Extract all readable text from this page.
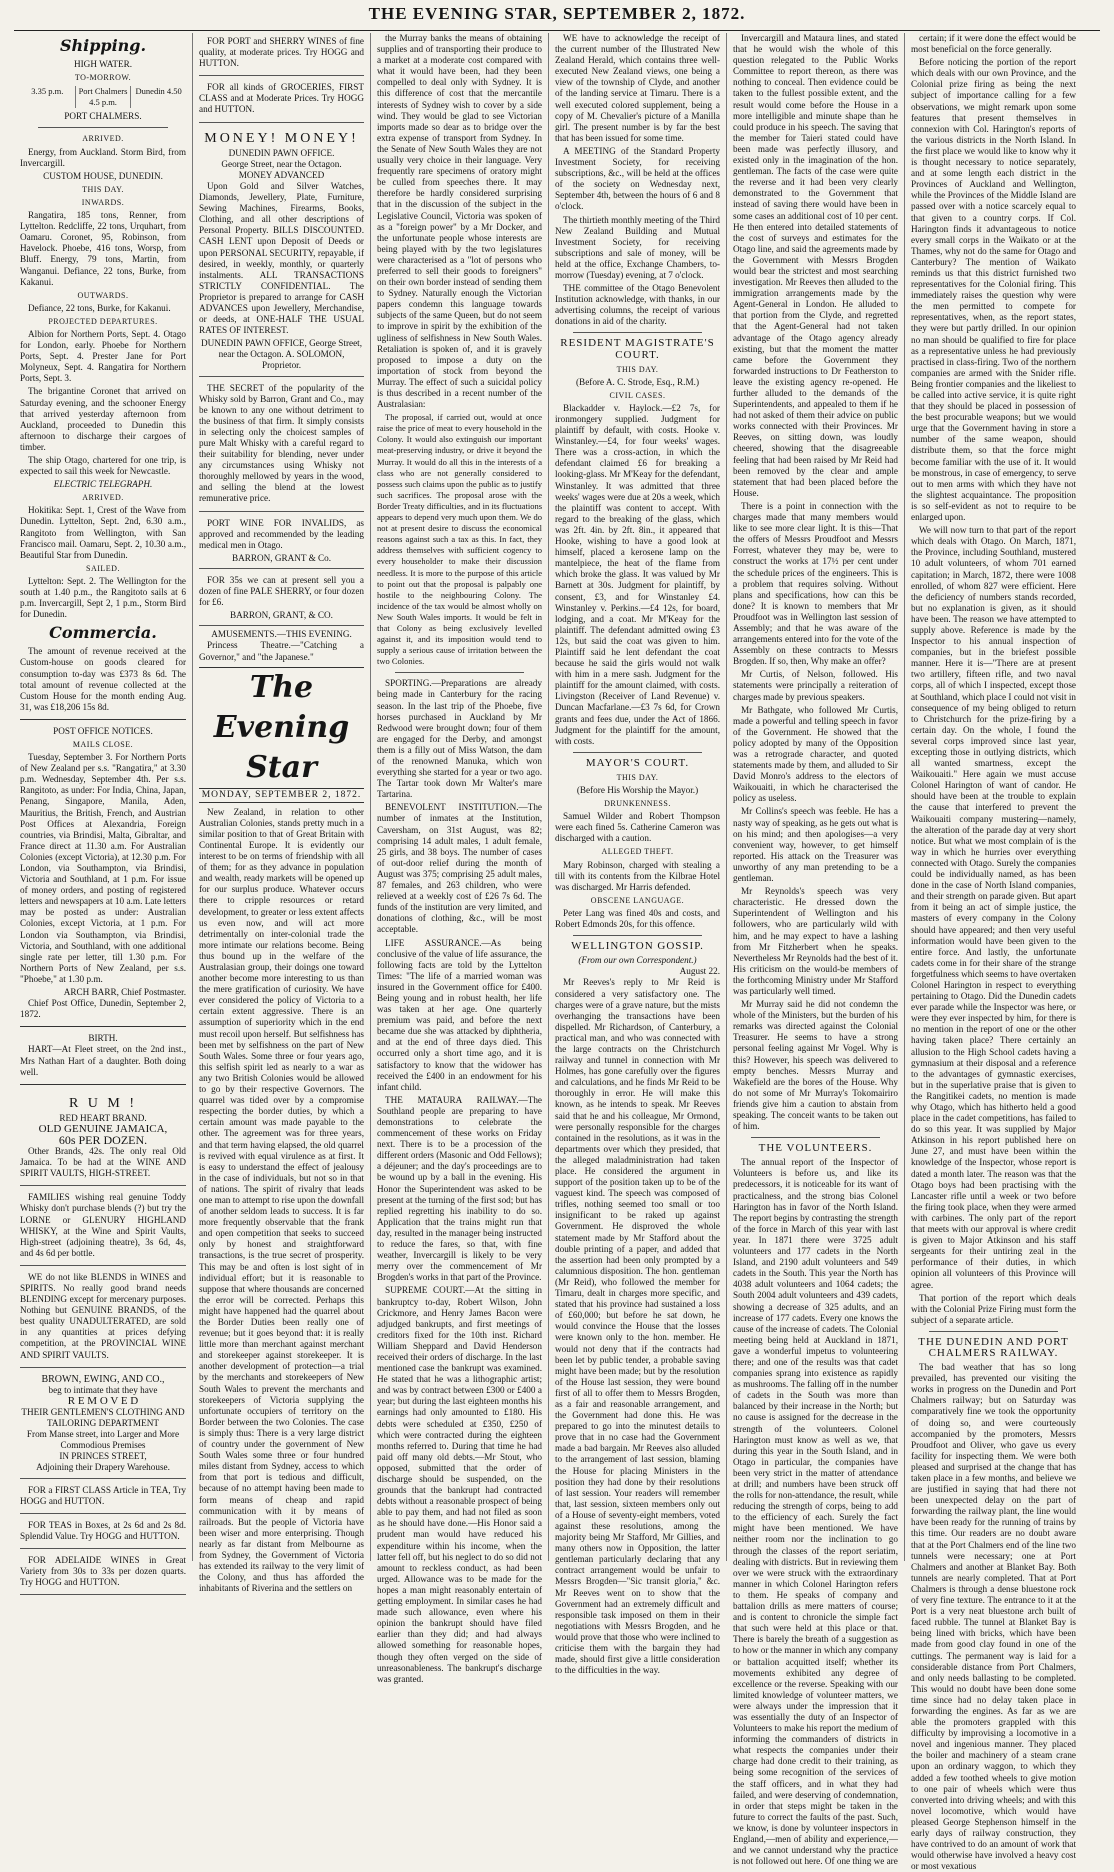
THE EVENING STAR, SEPTEMBER 2, 1872.
Shipping.
HIGH WATER.
TO-MORROW.
3.35 p.m.	Port Chalmers 4.5 p.m.
Dunedin 4.50
PORT CHALMERS.
ARRIVED.

Energy, from Auckland. Storm Bird, from Invercargill.

CUSTOM HOUSE, DUNEDIN.
THIS DAY.
INWARDS.

Rangatira, 185 tons, Renner, from Lyttelton. Redcliffe, 22 tons, Urquhart, from Oamaru. Coronet, 95, Robinson, from Havelock. Phoebe, 416 tons, Worsp, from Bluff. Energy, 79 tons, Martin, from Wanganui. Defiance, 22 tons, Burke, from Kakanui.

OUTWARDS.

Defiance, 22 tons, Burke, for Kakanui.

PROJECTED DEPARTURES.

Albion for Northern Ports, Sept. 4. Otago for London, early. Phoebe for Northern Ports, Sept. 4. Prester Jane for Port Molyneux, Sept. 4. Rangatira for Northern Ports, Sept. 3.

The brigantine Coronet that arrived on Saturday evening, and the schooner Energy that arrived yesterday afternoon from Auckland, proceeded to Dunedin this afternoon to discharge their cargoes of timber.

The ship Otago, chartered for one trip, is expected to sail this week for Newcastle.

ELECTRIC TELEGRAPH.
ARRIVED.

Hokitika: Sept. 1, Crest of the Wave from Dunedin. Lyttelton, Sept. 2nd, 6.30 a.m., Rangitoto from Wellington, with San Francisco mail. Oamaru, Sept. 2, 10.30 a.m., Beautiful Star from Dunedin.

SAILED.

Lyttelton: Sept. 2. The Wellington for the south at 1.40 p.m., the Rangitoto sails at 6 p.m. Invercargill, Sept 2, 1 p.m., Storm Bird for Dunedin.

Commercia.

The amount of revenue received at the Custom-house on goods cleared for consumption to-day was £373 8s 6d. The total amount of revenue collected at the Custom House for the month ending Aug. 31, was £18,206 15s 8d.

POST OFFICE NOTICES.
MAILS CLOSE.

Tuesday, September 3. For Northern Ports of New Zealand per s.s. "Rangatira," at 3.30 p.m. Wednesday, September 4th. Per s.s. Rangitoto, as under: For India, China, Japan, Penang, Singapore, Manila, Aden, Mauritius, the British, French, and Austrian Post Offices at Alexandria, Foreign countries, via Brindisi, Malta, Gibraltar, and France direct at 11.30 a.m. For Australian Colonies (except Victoria), at 12.30 p.m. For London, via Southampton, via Brindisi, Victoria and Southland, at 1 p.m. For issue of money orders, and posting of registered letters and newspapers at 10 a.m. Late letters may be posted as under: Australian Colonies, except Victoria, at 1 p.m. For London via Southampton, via Brindisi, Victoria, and Southland, with one additional single rate per letter, till 1.30 p.m. For Northern Ports of New Zealand, per s.s. "Phoebe," at 1.30 p.m.

ARCH BARR, Chief Postmaster.

Chief Post Office, Dunedin, September 2, 1872.

BIRTH.

HART—At Fleet street, on the 2nd inst., Mrs Nathan Hart of a daughter. Both doing well.

R U M !
RED HEART BRAND.
OLD GENUINE JAMAICA,
60s PER DOZEN.

Other Brands, 42s. The only real Old Jamaica. To be had at the WINE AND SPIRIT VAULTS, HIGH-STREET.

FAMILIES wishing real genuine Toddy Whisky don't purchase blends (?) but try the LORNE or GLENURY HIGHLAND WHISKY, at the Wine and Spirit Vaults, High-street (adjoining theatre), 3s 6d, 4s, and 4s 6d per bottle.

WE do not like BLENDS in WINES and SPIRITS. No really good brand needs BLENDING except for mercenary purposes. Nothing but GENUINE BRANDS, of the best quality UNADULTERATED, are sold in any quantities at prices defying competition, at the PROVINCIAL WINE AND SPIRIT VAULTS.

BROWN, EWING, AND CO.,
beg to intimate that they have
R E M O V E D
THEIR GENTLEMEN'S CLOTHING AND
TAILORING DEPARTMENT
From Manse street, into Larger and More
Commodious Premises
IN PRINCES STREET,
Adjoining their Drapery Warehouse.

FOR a FIRST CLASS Article in TEA, Try HOGG and HUTTON.

FOR TEAS in Boxes, at 2s 6d and 2s 8d. Splendid Value. Try HOGG and HUTTON.

FOR ADELAIDE WINES in Great Variety from 30s to 33s per dozen quarts. Try HOGG and HUTTON.

FOR PORT and SHERRY WINES of fine quality, at moderate prices. Try HOGG and HUTTON.

FOR all kinds of GROCERIES, FIRST CLASS and at Moderate Prices. Try HOGG and HUTTON.

MONEY! MONEY!
DUNEDIN PAWN OFFICE.
George Street, near the Octagon.
MONEY ADVANCED

Upon Gold and Silver Watches, Diamonds, Jewellery, Plate, Furniture, Sewing Machines, Firearms, Books, Clothing, and all other descriptions of Personal Property. BILLS DISCOUNTED. CASH LENT upon Deposit of Deeds or upon PERSONAL SECURITY, repayable, if desired, in weekly, monthly, or quarterly instalments. ALL TRANSACTIONS STRICTLY CONFIDENTIAL. The Proprietor is prepared to arrange for CASH ADVANCES upon Jewellery, Merchandise, or deeds, at ONE-HALF THE USUAL RATES OF INTEREST.

DUNEDIN PAWN OFFICE, George Street, near the Octagon. A. SOLOMON, Proprietor.

THE SECRET of the popularity of the Whisky sold by Barron, Grant and Co., may be known to any one without detriment to the business of that firm. It simply consists in selecting only the choicest samples of pure Malt Whisky with a careful regard to their suitability for blending, never under any circumstances using Whisky not thoroughly mellowed by years in the wood, and selling the blend at the lowest remunerative price.

PORT WINE FOR INVALIDS, as approved and recommended by the leading medical men in Otago.

BARRON, GRANT & Co.

FOR 35s we can at present sell you a dozen of fine PALE SHERRY, or four dozen for £6.

BARRON, GRANT, & CO.
AMUSEMENTS.—THIS EVENING.

Princess Theatre.—"Catching a Governor," and "the Japanese."

The Evening Star
MONDAY, SEPTEMBER 2, 1872.

New Zealand, in relation to other Australian Colonies, stands pretty much in a similar position to that of Great Britain with Continental Europe. It is evidently our interest to be on terms of friendship with all of them; for as they advance in population and wealth, ready markets will be opened up for our surplus produce. Whatever occurs there to cripple resources or retard development, to greater or less extent affects us even now, and will act more detrimentally on inter-colonial trade the more intimate our relations become. Being thus bound up in the welfare of the Australasian group, their doings one toward another become more interesting to us than the mere gratification of curiosity. We have ever considered the policy of Victoria to a certain extent aggressive. There is an assumption of superiority which in the end must recoil upon herself. But selfishness has been met by selfishness on the part of New South Wales. Some three or four years ago, this selfish spirit led as nearly to a war as any two British Colonies would be allowed to go by their respective Governors. The quarrel was tided over by a compromise respecting the border duties, by which a certain amount was made payable to the other. The agreement was for three years, and that term having elapsed, the old quarrel is revived with equal virulence as at first. It is easy to understand the effect of jealousy in the case of individuals, but not so in that of nations. The spirit of rivalry that leads one man to attempt to rise upon the downfall of another seldom leads to success. It is far more frequently observable that the frank and open competition that seeks to succeed only by honest and straightforward transactions, is the true secret of prosperity. This may be and often is lost sight of in individual effort; but it is reasonable to suppose that where thousands are concerned the error will be corrected. Perhaps this might have happened had the quarrel about the Border Duties been really one of revenue; but it goes beyond that: it is really little more than merchant against merchant and storekeeper against storekeeper. It is another development of protection—a trial by the merchants and storekeepers of New South Wales to prevent the merchants and storekeepers of Victoria supplying the unfortunate occupiers of territory on the Border between the two Colonies. The case is simply thus: There is a very large district of country under the government of New South Wales some three or four hundred miles distant from Sydney, access to which from that port is tedious and difficult, because of no attempt having been made to form means of cheap and rapid communication with it by means of railroads. But the people of Victoria have been wiser and more enterprising. Though nearly as far distant from Melbourne as from Sydney, the Government of Victoria has extended its railway to the very limit of the Colony, and thus has afforded the inhabitants of Riverina and the settlers on

the Murray banks the means of obtaining supplies and of transporting their produce to a market at a moderate cost compared with what it would have been, had they been compelled to deal only with Sydney. It is this difference of cost that the mercantile interests of Sydney wish to cover by a side wind. They would be glad to see Victorian imports made so dear as to bridge over the extra expense of transport from Sydney. In the Senate of New South Wales they are not usually very choice in their language. Very frequently rare specimens of oratory might be culled from speeches there. It may therefore be hardly considered surprising that in the discussion of the subject in the Legislative Council, Victoria was spoken of as a "foreign power" by a Mr Docker, and the unfortunate people whose interests are being played with by the two legislatures were characterised as a "lot of persons who preferred to sell their goods to foreigners" on their own border instead of sending them to Sydney. Naturally enough the Victorian papers condemn this language towards subjects of the same Queen, but do not seem to improve in spirit by the exhibition of the ugliness of selfishness in New South Wales. Retaliation is spoken of, and it is gravely proposed to impose a duty on the importation of stock from beyond the Murray. The effect of such a suicidal policy is thus described in a recent number of the Australasian:

The proposal, if carried out, would at once raise the price of meat to every household in the Colony. It would also extinguish our important meat-preserving industry, or drive it beyond the Murray. It would do all this in the interests of a class who are not generally considered to possess such claims upon the public as to justify such sacrifices. The proposal arose with the Border Treaty difficulties, and in its fluctuations appears to depend very much upon them. We do not at present desire to discuss the economical reasons against such a tax as this. In fact, they address themselves with sufficient cogency to every householder to make their discussion needless. It is more to the purpose of this article to point out that the proposal is palpably one hostile to the neighbouring Colony. The incidence of the tax would be almost wholly on New South Wales imports. It would be felt in that Colony as being exclusively levelled against it, and its imposition would tend to supply a serious cause of irritation between the two Colonies.

SPORTING.—Preparations are already being made in Canterbury for the racing season. In the last trip of the Phoebe, five horses purchased in Auckland by Mr Redwood were brought down; four of them are engaged for the Derby, and amongst them is a filly out of Miss Watson, the dam of the renowned Manuka, which won everything she started for a year or two ago. The Tartar took down Mr Walter's mare Tartarina.

BENEVOLENT INSTITUTION.—The number of inmates at the Institution, Caversham, on 31st August, was 82; comprising 14 adult males, 1 adult female, 25 girls, and 38 boys. The number of cases of out-door relief during the month of August was 375; comprising 25 adult males, 87 females, and 263 children, who were relieved at a weekly cost of £26 7s 6d. The funds of the institution are very limited, and donations of clothing, &c., will be most acceptable.

LIFE ASSURANCE.—As being conclusive of the value of life assurance, the following facts are told by the Lyttelton Times: "The life of a married woman was insured in the Government office for £400. Being young and in robust health, her life was taken at her age. One quarterly premium was paid, and before the next became due she was attacked by diphtheria, and at the end of three days died. This occurred only a short time ago, and it is satisfactory to know that the widower has received the £400 in an endowment for his infant child.

THE MATAURA RAILWAY.—The Southland people are preparing to have demonstrations to celebrate the commencement of these works on Friday next. There is to be a procession of the different orders (Masonic and Odd Fellows); a déjeuner; and the day's proceedings are to be wound up by a ball in the evening. His Honor the Superintendent was asked to be present at the turning of the first sod; but has replied regretting his inability to do so. Application that the trains might run that day, resulted in the manager being instructed to reduce the fares, so that, with fine weather, Invercargill is likely to be very merry over the commencement of Mr Brogden's works in that part of the Province.

SUPREME COURT.—At the sitting in bankruptcy to-day, Robert Wilson, John Crickmore, and Henry James Bacon were adjudged bankrupts, and first meetings of creditors fixed for the 10th inst. Richard William Sheppard and David Henderson received their orders of discharge. In the last mentioned case the bankrupt was examined. He stated that he was a lithographic artist; and was by contract between £300 or £400 a year; but during the last eighteen months his earnings had only amounted to £180. His debts were scheduled at £350, £250 of which were contracted during the eighteen months referred to. During that time he had paid off many old debts.—Mr Stout, who opposed, submitted that the order of discharge should be suspended, on the grounds that the bankrupt had contracted debts without a reasonable prospect of being able to pay them, and had not filed as soon as he should have done.—His Honor said a prudent man would have reduced his expenditure within his income, when the latter fell off, but his neglect to do so did not amount to reckless conduct, as had been urged. Allowance was to be made for the hopes a man might reasonably entertain of getting employment. In similar cases he had made such allowance, even where his opinion the bankrupt should have filed earlier than they did; and had always allowed something for reasonable hopes, though they often verged on the side of unreasonableness. The bankrupt's discharge was granted.

WE have to acknowledge the receipt of the current number of the Illustrated New Zealand Herald, which contains three well-executed New Zealand views, one being a view of the township of Clyde, and another of the landing service at Timaru. There is a well executed colored supplement, being a copy of M. Chevalier's picture of a Manilla girl. The present number is by far the best that has been issued for some time.

A MEETING of the Standard Property Investment Society, for receiving subscriptions, &c., will be held at the offices of the society on Wednesday next, September 4th, between the hours of 6 and 8 o'clock.

The thirtieth monthly meeting of the Third New Zealand Building and Mutual Investment Society, for receiving subscriptions and sale of money, will be held at the office, Exchange Chambers, to-morrow (Tuesday) evening, at 7 o'clock.

THE committee of the Otago Benevolent Institution acknowledge, with thanks, in our advertising columns, the receipt of various donations in aid of the charity.

RESIDENT MAGISTRATE'S COURT.
THIS DAY.
(Before A. C. Strode, Esq., R.M.)
CIVIL CASES.

Blackadder v. Haylock.—£2 7s, for ironmongery supplied. Judgment for plaintiff by default, with costs. Hooke v. Winstanley.—£4, for four weeks' wages. There was a cross-action, in which the defendant claimed £6 for breaking a looking-glass. Mr M'Keay for the defendant, Winstanley. It was admitted that three weeks' wages were due at 20s a week, which the plaintiff was content to accept. With regard to the breaking of the glass, which was 2ft. 4in. by 2ft. 8in., it appeared that Hooke, wishing to have a good look at himself, placed a kerosene lamp on the mantelpiece, the heat of the flame from which broke the glass. It was valued by Mr Barnett at 30s. Judgment for plaintiff, by consent, £3, and for Winstanley £4. Winstanley v. Perkins.—£4 12s, for board, lodging, and a coat. Mr M'Keay for the plaintiff. The defendant admitted owing £3 12s, but said the coat was given to him. Plaintiff said he lent defendant the coat because he said the girls would not walk with him in a mere sash. Judgment for the plaintiff for the amount claimed, with costs. Livingston (Receiver of Land Revenue) v. Duncan Macfarlane.—£3 7s 6d, for Crown grants and fees due, under the Act of 1866. Judgment for the plaintiff for the amount, with costs.

MAYOR'S COURT.
THIS DAY.
(Before His Worship the Mayor.)
DRUNKENNESS.

Samuel Wilder and Robert Thompson were each fined 5s. Catherine Cameron was discharged with a caution.

ALLEGED THEFT.

Mary Robinson, charged with stealing a till with its contents from the Kilbrae Hotel was discharged. Mr Harris defended.

OBSCENE LANGUAGE.

Peter Lang was fined 40s and costs, and Robert Edmonds 20s, for this offence.

WELLINGTON GOSSIP.
(From our own Correspondent.)
August 22.

Mr Reeves's reply to Mr Reid is considered a very satisfactory one. The charges were of a grave nature, but the mists overhanging the transactions have been dispelled. Mr Richardson, of Canterbury, a practical man, and who was connected with the large contracts on the Christchurch railway and tunnel in connection with Mr Holmes, has gone carefully over the figures and calculations, and he finds Mr Reid to be thoroughly in error. He will make this known, as he intends to speak. Mr Reeves said that he and his colleague, Mr Ormond, were personally responsible for the charges contained in the resolutions, as it was in the departments over which they presided, that the alleged maladministration had taken place. He considered the argument in support of the position taken up to be of the vaguest kind. The speech was composed of trifles, nothing seemed too small or too insignificant to be raked up against Government. He disproved the whole statement made by Mr Stafford about the double printing of a paper, and added that the assertion had been only prompted by a calumnious disposition. The hon. gentleman (Mr Reid), who followed the member for Timaru, dealt in charges more specific, and stated that his province had sustained a loss of £60,000; but before he sat down, he would convince the House that the losses were known only to the hon. member. He would not deny that if the contracts had been let by public tender, a probable saving might have been made; but by the resolution of the House last session, they were bound first of all to offer them to Messrs Brogden, as a fair and reasonable arrangement, and the Government had done this. He was prepared to go into the minutest details to prove that in no case had the Government made a bad bargain. Mr Reeves also alluded to the arrangement of last session, blaming the House for placing Ministers in the position they had done by their resolutions of last session. Your readers will remember that, last session, sixteen members only out of a House of seventy-eight members, voted against these resolutions, among the majority being Mr Stafford, Mr Gillies, and many others now in Opposition, the latter gentleman particularly declaring that any contract arrangement would be unfair to Messrs Brogden—"Sic transit gloria," &c. Mr Reeves went on to show that the Government had an extremely difficult and responsible task imposed on them in their negotiations with Messrs Brogden, and he would prove that those who were inclined to criticise them with the bargain they had made, should first give a little consideration to the difficulties in the way.

Invercargill and Mataura lines, and stated that he would wish the whole of this question relegated to the Public Works Committee to report thereon, as there was nothing to conceal. Then evidence could be taken to the fullest possible extent, and the result would come before the House in a more intelligible and minute shape than he could produce in his speech. The saving that the member for Taieri stated could have been made was perfectly illusory, and existed only in the imagination of the hon. gentleman. The facts of the case were quite the reverse and it had been very clearly demonstrated to the Government that instead of saving there would have been in some cases an additional cost of 10 per cent. He then entered into detailed statements of the cost of surveys and estimates for the Otago line, and said the agreements made by the Government with Messrs Brogden would bear the strictest and most searching investigation. Mr Reeves then alluded to the immigration arrangements made by the Agent-General in London. He alluded to that portion from the Clyde, and regretted that the Agent-General had not taken advantage of the Otago agency already existing, but that the moment the matter came before the Government they forwarded instructions to Dr Featherston to leave the existing agency re-opened. He further alluded to the demands of the Superintendents, and appealed to them if he had not asked of them their advice on public works connected with their Provinces. Mr Reeves, on sitting down, was loudly cheered, showing that the disagreeable feeling that had been raised by Mr Reid had been removed by the clear and ample statement that had been placed before the House.

There is a point in connection with the charges made that many members would like to see more clear light. It is this—That the offers of Messrs Proudfoot and Messrs Forrest, whatever they may be, were to construct the works at 17½ per cent under the schedule prices of the engineers. This is a problem that requires solving. Without plans and specifications, how can this be done? It is known to members that Mr Proudfoot was in Wellington last session of Assembly; and that he was aware of the arrangements entered into for the vote of the Assembly on these contracts to Messrs Brogden. If so, then, Why make an offer?

Mr Curtis, of Nelson, followed. His statements were principally a reiteration of charges made by previous speakers.

Mr Bathgate, who followed Mr Curtis, made a powerful and telling speech in favor of the Government. He showed that the policy adopted by many of the Opposition was a retrograde character, and quoted statements made by them, and alluded to Sir David Monro's address to the electors of Waikouaiti, in which he characterised the policy as useless.

Mr Collins's speech was feeble. He has a nasty way of speaking, as he gets out what is on his mind; and then apologises—a very convenient way, however, to get himself reported. His attack on the Treasurer was unworthy of any man pretending to be a gentleman.

Mr Reynolds's speech was very characteristic. He dressed down the Superintendent of Wellington and his followers, who are particularly wild with him, and he may expect to have a lashing from Mr Fitzherbert when he speaks. Nevertheless Mr Reynolds had the best of it. His criticism on the would-be members of the forthcoming Ministry under Mr Stafford was particularly well timed.

Mr Murray said he did not condemn the whole of the Ministers, but the burden of his remarks was directed against the Colonial Treasurer. He seems to have a strong personal feeling against Mr Vogel. Why is this? However, his speech was delivered to empty benches. Messrs Murray and Wakefield are the bores of the House. Why do not some of Mr Murray's Tokomairiro friends give him a caution to abstain from speaking. The conceit wants to be taken out of him.

THE VOLUNTEERS.

The annual report of the Inspector of Volunteers is before us, and like its predecessors, it is noticeable for its want of practicalness, and the strong bias Colonel Harington has in favor of the North Island. The report begins by contrasting the strength of the force in March of this year with last year. In 1871 there were 3725 adult volunteers and 177 cadets in the North Island, and 2190 adult volunteers and 549 cadets in the South. This year the North has 4038 adult volunteers and 1064 cadets; the South 2004 adult volunteers and 439 cadets, showing a decrease of 325 adults, and an increase of 177 cadets. Every one knows the cause of the increase of cadets. The Colonial meeting being held at Auckland in 1871, gave a wonderful impetus to volunteering there; and one of the results was that cadet companies sprang into existence as rapidly as mushrooms. The falling off in the number of cadets in the South was more than balanced by their increase in the North; but no cause is assigned for the decrease in the strength of the volunteers. Colonel Harington must know as well as we, that during this year in the South Island, and in Otago in particular, the companies have been very strict in the matter of attendance at drill; and numbers have been struck off the rolls for non-attendance, the result, while reducing the strength of corps, being to add to the efficiency of each. Surely the fact might have been mentioned. We have neither room nor the inclination to go through the classes of the report seriatim, dealing with districts. But in reviewing them over we were struck with the extraordinary manner in which Colonel Harington refers to them. He speaks of company and battalion drills as mere matters of course; and is content to chronicle the simple fact that such were held at this place or that. There is barely the breath of a suggestion as to how or the manner in which any company or battalion acquitted itself; whether its movements exhibited any degree of excellence or the reverse. Speaking with our limited knowledge of volunteer matters, we were always under the impression that it was essentially the duty of an Inspector of Volunteers to make his report the medium of informing the commanders of districts in what respects the companies under their charge had done credit to their training, as being some recognition of the services of the staff officers, and in what they had failed, and were deserving of condemnation, in order that steps might be taken in the future to correct the faults of the past. Such, we know, is done by volunteer inspectors in England,—men of ability and experience,—and we cannot understand why the practice is not followed out here. Of one thing we are

certain; if it were done the effect would be most beneficial on the force generally.

Before noticing the portion of the report which deals with our own Province, and the Colonial prize firing as being the next subject of importance calling for a few observations, we might remark upon some features that present themselves in connexion with Col. Harington's reports of the various districts in the North Island. In the first place we would like to know why it is thought necessary to notice separately, and at some length each district in the Provinces of Auckland and Wellington, while the Provinces of the Middle Island are passed over with a notice scarcely equal to that given to a country corps. If Col. Harington finds it advantageous to notice every small corps in the Waikato or at the Thames, why not do the same for Otago and Canterbury? The mention of Waikato reminds us that this district furnished two representatives for the Colonial firing. This immediately raises the question why were the men permitted to compete for representatives, when, as the report states, they were but partly drilled. In our opinion no man should be qualified to fire for place as a representative unless he had previously practised in class-firing. Two of the northern companies are armed with the Snider rifle. Being frontier companies and the likeliest to be called into active service, it is quite right that they should be placed in possession of the best procurable weapons; but we would urge that the Government having in store a number of the same weapon, should distribute them, so that the force might become familiar with the use of it. It would be monstrous, in case of emergency, to serve out to men arms with which they have not the slightest acquaintance. The proposition is so self-evident as not to require to be enlarged upon.

We will now turn to that part of the report which deals with Otago. On March, 1871, the Province, including Southland, mustered 10 adult volunteers, of whom 701 earned capitation; in March, 1872, there were 1008 enrolled, of whom 827 were efficient. Here the deficiency of numbers stands recorded, but no explanation is given, as it should have been. The reason we have attempted to supply above. Reference is made by the Inspector to his annual inspection of companies, but in the briefest possible manner. Here it is—"There are at present two artillery, fifteen rifle, and two naval corps, all of which I inspected, except those at Southland, which place I could not visit in consequence of my being obliged to return to Christchurch for the prize-firing by a certain day. On the whole, I found the several corps improved since last year, excepting those in outlying districts, which all wanted smartness, except the Waikouaiti." Here again we must accuse Colonel Harington of want of candor. He should have been at the trouble to explain the cause that interfered to prevent the Waikouaiti company mustering—namely, the alteration of the parade day at very short notice. But what we most complain of is the way in which he hurries over everything connected with Otago. Surely the companies could be individually named, as has been done in the case of North Island companies, and their strength on parade given. But apart from it being an act of simple justice, the masters of every company in the Colony should have appeared; and then very useful information would have been given to the entire force. And lastly, the unfortunate cadets come in for their share of the strange forgetfulness which seems to have overtaken Colonel Harington in respect to everything pertaining to Otago. Did the Dunedin cadets ever parade while the Inspector was here, or were they ever inspected by him, for there is no mention in the report of one or the other having taken place? There certainly an allusion to the High School cadets having a gymnasium at their disposal and a reference to the advantages of gymnastic exercises, but in the superlative praise that is given to the Rangitikei cadets, no mention is made why Otago, which has hitherto held a good place in the cadet competitions, has failed to do so this year. It was supplied by Major Atkinson in his report published here on June 27, and must have been within the knowledge of the Inspector, whose report is dated a month later. The reason was that the Otago boys had been practising with the Lancaster rifle until a week or two before the firing took place, when they were armed with carbines. The only part of the report that meets with our approval is where credit is given to Major Atkinson and his staff sergeants for their untiring zeal in the performance of their duties, in which opinion all volunteers of this Province will agree.

That portion of the report which deals with the Colonial Prize Firing must form the subject of a separate article.

THE DUNEDIN AND PORT CHALMERS RAILWAY.

The bad weather that has so long prevailed, has prevented our visiting the works in progress on the Dunedin and Port Chalmers railway; but on Saturday was comparatively fine we took the opportunity of doing so, and were courteously accompanied by the promoters, Messrs Proudfoot and Oliver, who gave us every facility for inspecting them. We were both pleased and surprised at the change that has taken place in a few months, and believe we are justified in saying that had there not been unexpected delay on the part of forwarding the railway plant, the line would have been ready for the running of trains by this time. Our readers are no doubt aware that at the Port Chalmers end of the line two tunnels were necessary; one at Port Chalmers and another at Blanket Bay. Both tunnels are nearly completed. That at Port Chalmers is through a dense bluestone rock of very fine texture. The entrance to it at the Port is a very neat bluestone arch built of faced rubble. The tunnel at Blanket Bay is being lined with bricks, which have been made from good clay found in one of the cuttings. The permanent way is laid for a considerable distance from Port Chalmers, and only needs ballasting to be completed. This would no doubt have been done some time since had no delay taken place in forwarding the engines. As far as we are able the promoters grappled with this difficulty by improvising a locomotive in a novel and ingenious manner. They placed the boiler and machinery of a steam crane upon an ordinary waggon, to which they added a few toothed wheels to give motion to one pair of wheels which were thus converted into driving wheels; and with this novel locomotive, which would have pleased George Stephenson himself in the early days of railway construction, they have contrived to do an amount of work that would otherwise have involved a heavy cost or most vexatious
